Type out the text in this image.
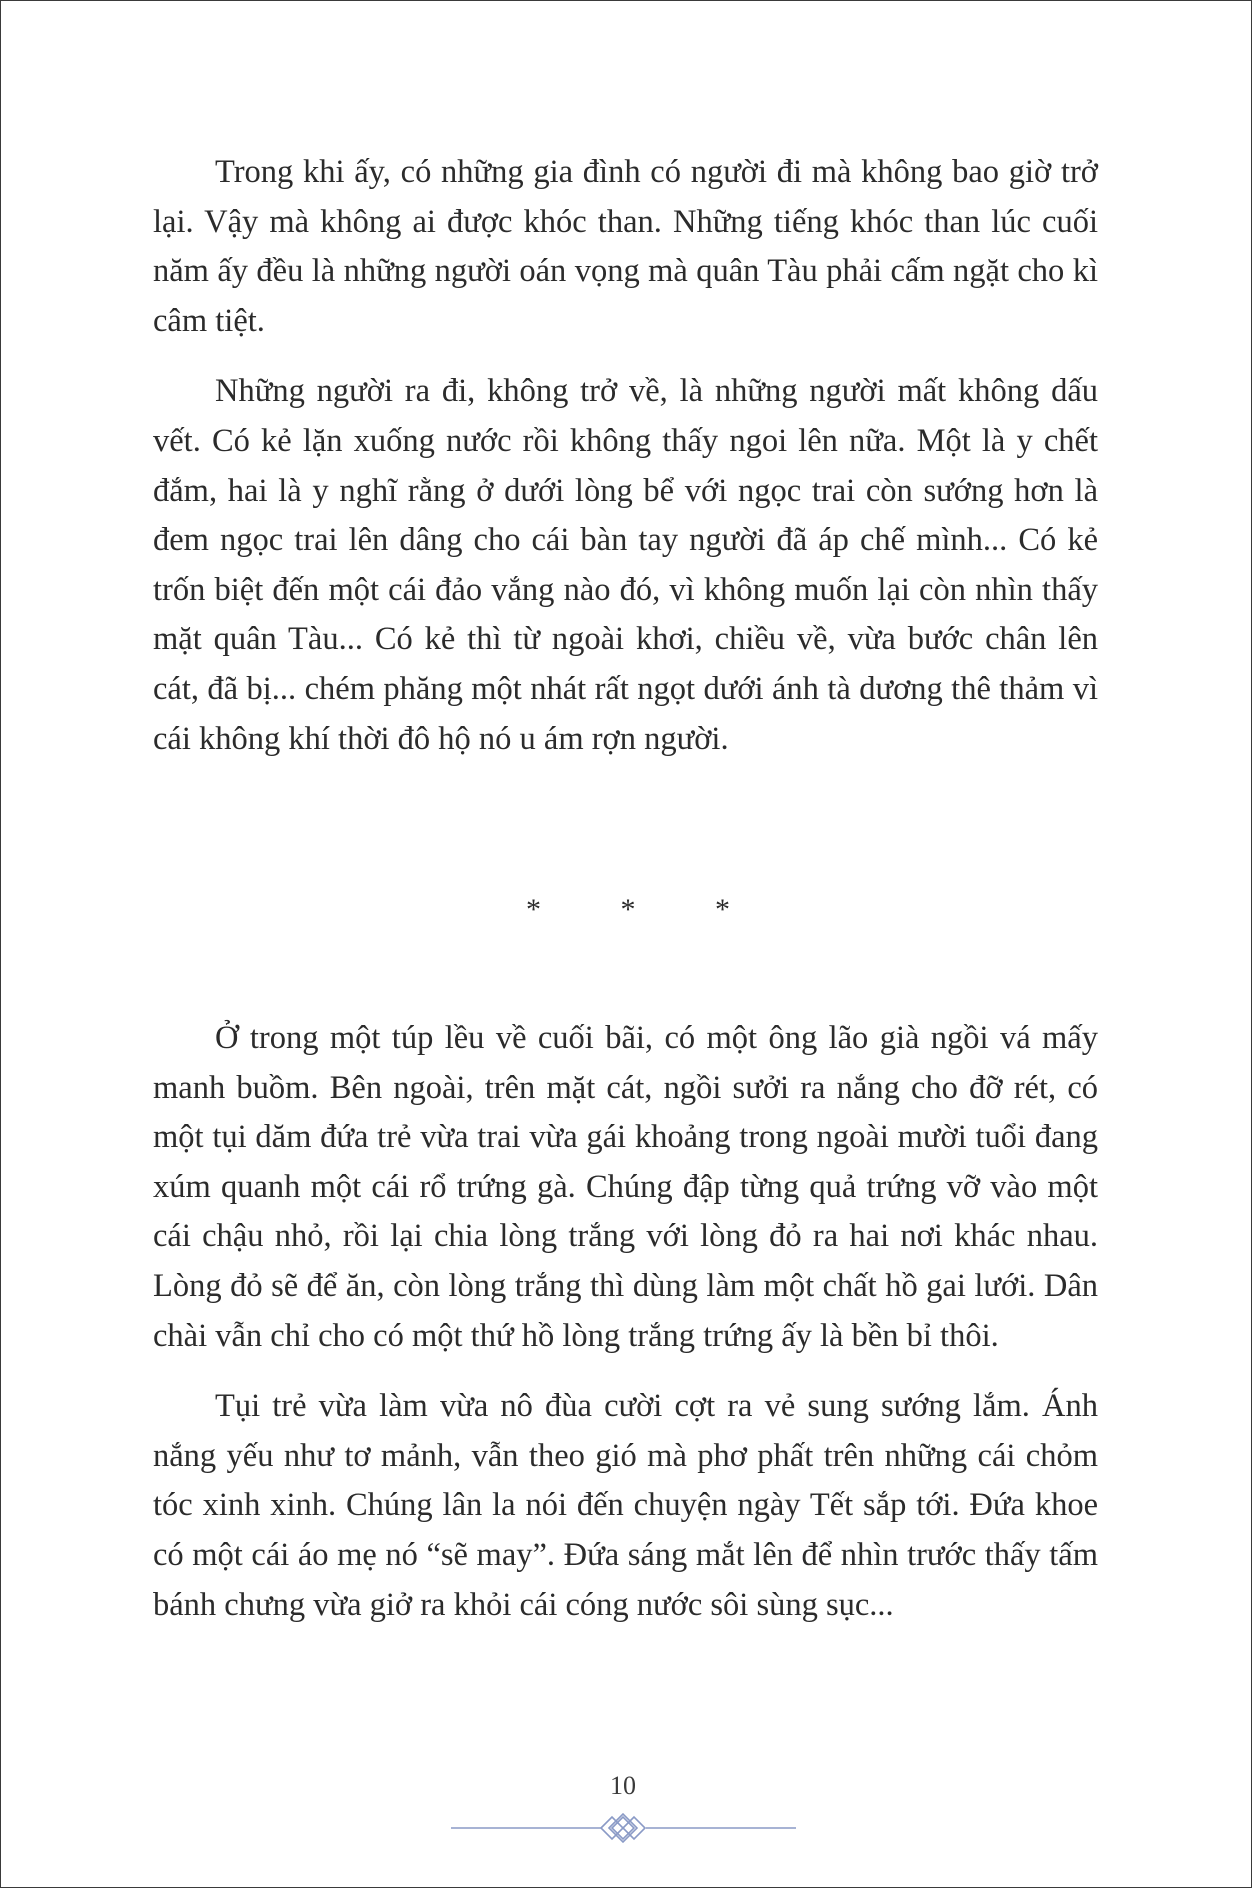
Trong khi ấy, có những gia đình có người đi mà không bao giờ trở lại. Vậy mà không ai được khóc than. Những tiếng khóc than lúc cuối năm ấy đều là những người oán vọng mà quân Tàu phải cấm ngặt cho kì câm tiệt.

Những người ra đi, không trở về, là những người mất không dấu vết. Có kẻ lặn xuống nước rồi không thấy ngoi lên nữa. Một là y chết đắm, hai là y nghĩ rằng ở dưới lòng bể với ngọc trai còn sướng hơn là đem ngọc trai lên dâng cho cái bàn tay người đã áp chế mình... Có kẻ trốn biệt đến một cái đảo vắng nào đó, vì không muốn lại còn nhìn thấy mặt quân Tàu... Có kẻ thì từ ngoài khơi, chiều về, vừa bước chân lên cát, đã bị... chém phăng một nhát rất ngọt dưới ánh tà dương thê thảm vì cái không khí thời đô hộ nó u ám rợn người.

* * *

Ở trong một túp lều về cuối bãi, có một ông lão già ngồi vá mấy manh buồm. Bên ngoài, trên mặt cát, ngồi sưởi ra nắng cho đỡ rét, có một tụi dăm đứa trẻ vừa trai vừa gái khoảng trong ngoài mười tuổi đang xúm quanh một cái rổ trứng gà. Chúng đập từng quả trứng vỡ vào một cái chậu nhỏ, rồi lại chia lòng trắng với lòng đỏ ra hai nơi khác nhau. Lòng đỏ sẽ để ăn, còn lòng trắng thì dùng làm một chất hồ gai lưới. Dân chài vẫn chỉ cho có một thứ hồ lòng trắng trứng ấy là bền bỉ thôi.

Tụi trẻ vừa làm vừa nô đùa cười cợt ra vẻ sung sướng lắm. Ánh nắng yếu như tơ mảnh, vẫn theo gió mà phơ phất trên những cái chỏm tóc xinh xinh. Chúng lân la nói đến chuyện ngày Tết sắp tới. Đứa khoe có một cái áo mẹ nó “sẽ may”. Đứa sáng mắt lên để nhìn trước thấy tấm bánh chưng vừa giở ra khỏi cái cóng nước sôi sùng sục...

10
